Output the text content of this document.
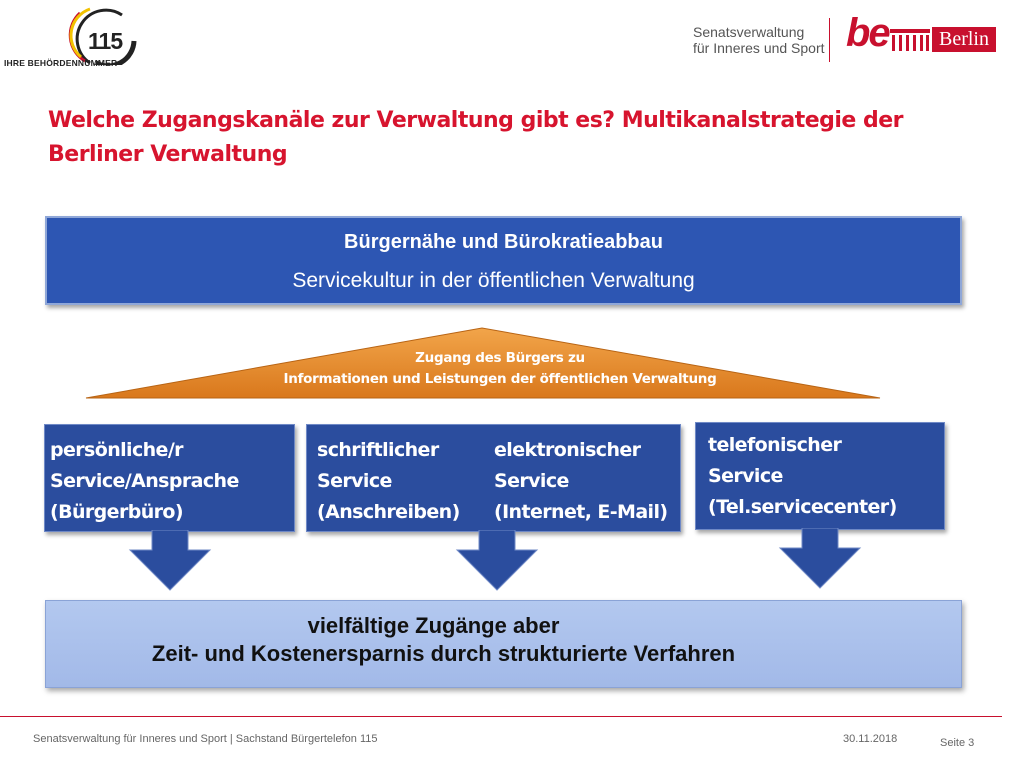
115
IHRE BEHÖRDENNUMMER
Senatsverwaltung
für Inneres und Sport be	Berlin
Welche Zugangskanäle zur Verwaltung gibt es? Multikanalstrategie der
Berliner Verwaltung
Bürgernähe und Bürokratieabbau
Servicekultur in der öffentlichen Verwaltung
Zugang des Bürgers zu
Informationen und Leistungen der öffentlichen Verwaltung
persönliche/r
Service/Ansprache
(Bürgerbüro)
schriftlicher
Service
(Anschreiben)
elektronischer
Service
(Internet, E-Mail)
telefonischer
Service
(Tel.servicecenter)
vielfältige Zugänge aber
Zeit- und Kostenersparnis durch strukturierte Verfahren
Senatsverwaltung für Inneres und Sport | Sachstand Bürgertelefon 115	30.11.2018	Seite 3
